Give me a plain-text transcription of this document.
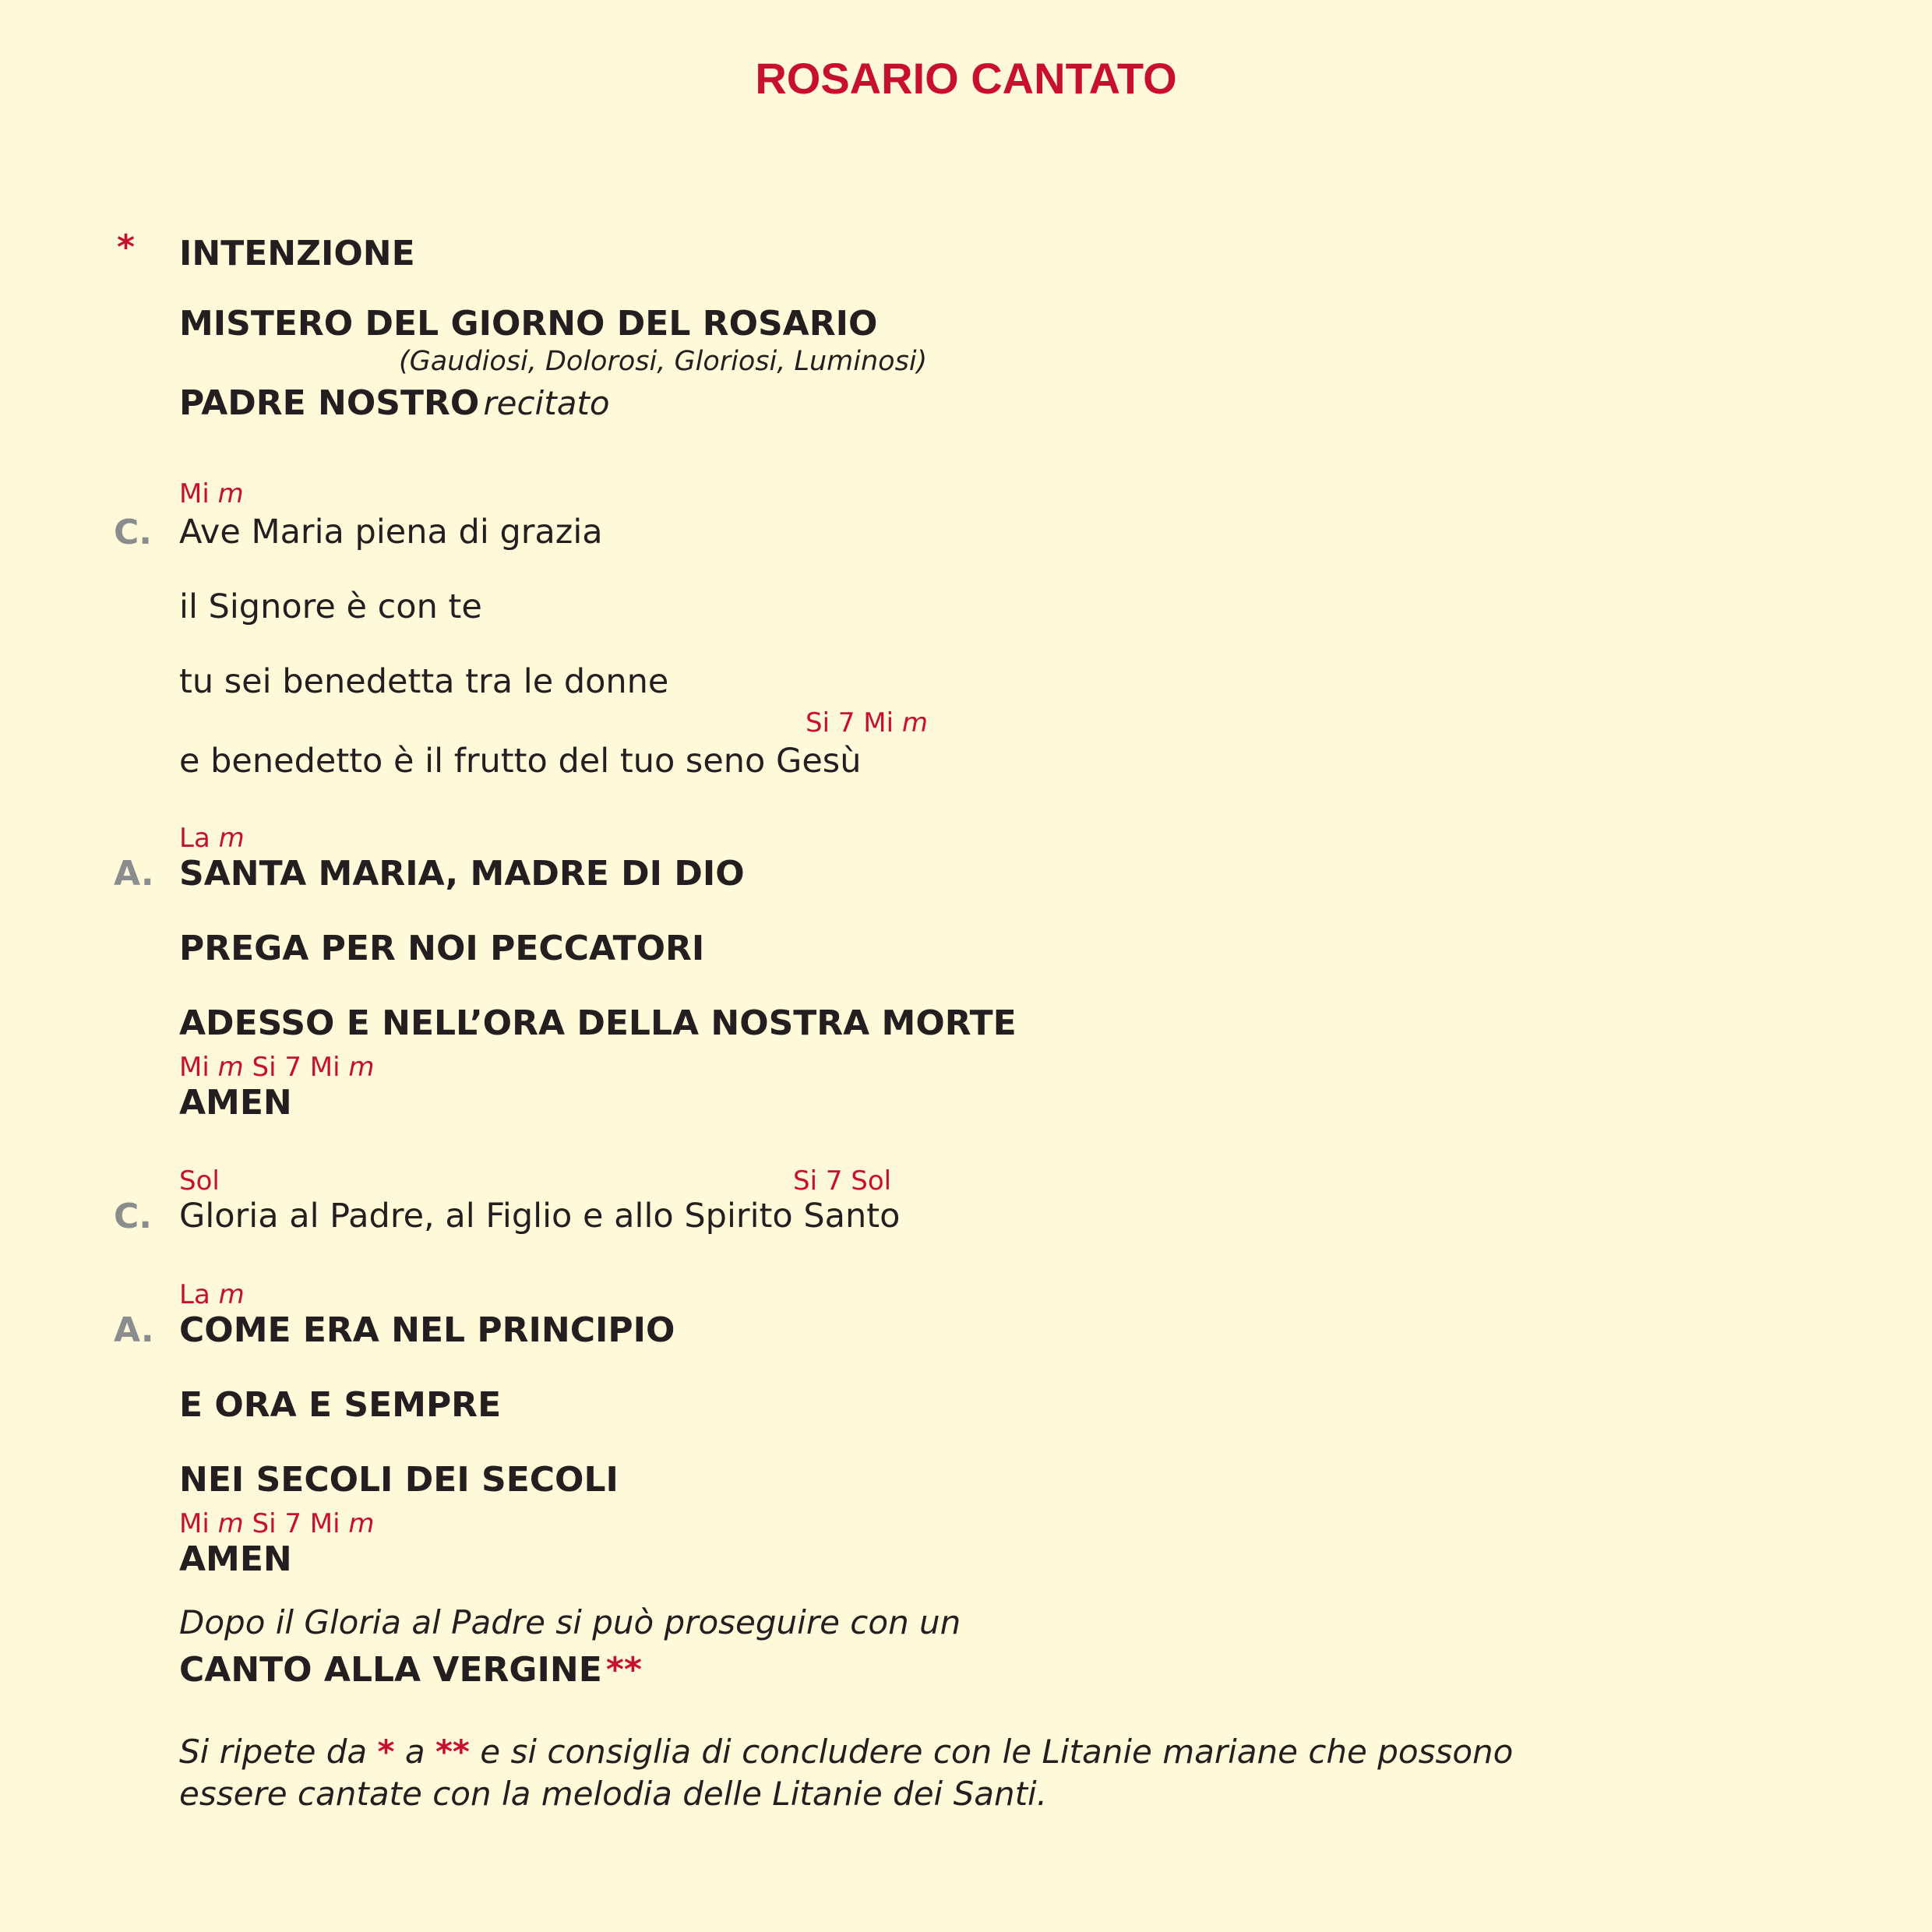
ROSARIO CANTATO
* INTENZIONE
MISTERO DEL GIORNO DEL ROSARIO
(Gaudiosi, Dolorosi, Gloriosi, Luminosi)
PADRE NOSTRO recitato
Mi m
C. Ave Maria piena di grazia
il Signore è con te
tu sei benedetta tra le donne
Si 7 Mi m
e benedetto è il frutto del tuo seno Gesù
La m
A. SANTA MARIA, MADRE DI DIO
PREGA PER NOI PECCATORI
ADESSO E NELL’ORA DELLA NOSTRA MORTE
Mi m Si 7 Mi m
AMEN
Sol	Si 7 Sol
C. Gloria al Padre, al Figlio e allo Spirito Santo
La m
A. COME ERA NEL PRINCIPIO
E ORA E SEMPRE
NEI SECOLI DEI SECOLI
Mi m Si 7 Mi m
AMEN
Dopo il Gloria al Padre si può proseguire con un
CANTO ALLA VERGINE **
Si ripete da * a ** e si consiglia di concludere con le Litanie mariane che possono
essere cantate con la melodia delle Litanie dei Santi.
